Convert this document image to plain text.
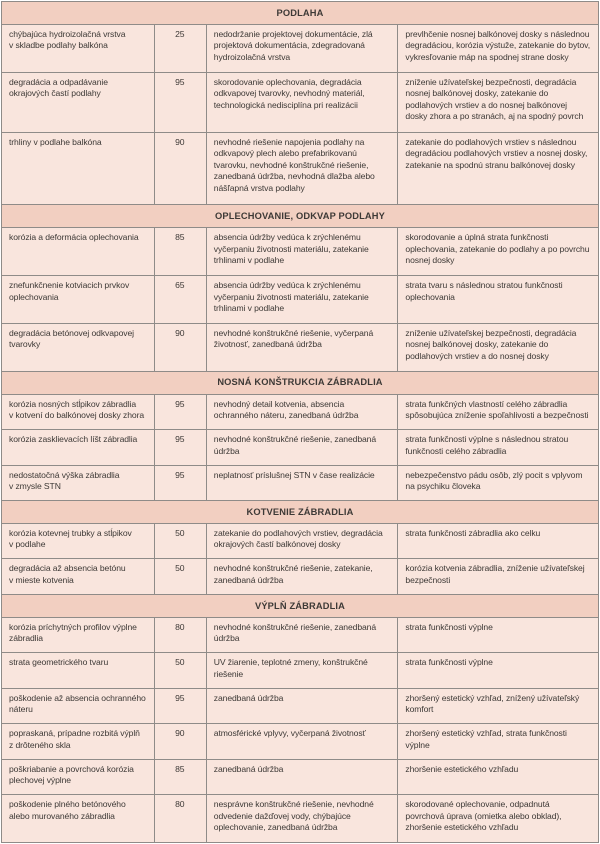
PODLAHA			
chýbajúca hydroizolačná vrstva v skladbe podlahy balkóna	25	nedodržanie projektovej dokumentácie, zlá projektová dokumentácia, zdegradovaná hydroizolačná vrstva	prevlhčenie nosnej balkónovej dosky s následnou degradáciou, korózia výstuže, zatekanie do bytov, vykresľovanie máp na spodnej strane dosky
degradácia a odpadávanie okrajových častí podlahy	95	skorodovanie oplechovania, degradácia odkvapovej tvarovky, nevhodný materiál, technologická nedisciplína pri realizácii	zníženie užívateľskej bezpečnosti, degradácia nosnej balkónovej dosky, zatekanie do podlahových vrstiev a do nosnej balkónovej dosky zhora a po stranách, aj na spodný povrch
trhliny v podlahe balkóna	90	nevhodné riešenie napojenia podlahy na odkvapový plech alebo prefabrikovanú tvarovku, nevhodné konštrukčné riešenie, zanedbaná údržba, nevhodná dlažba alebo nášľapná vrstva podlahy	zatekanie do podlahových vrstiev s následnou degradáciou podlahových vrstiev a nosnej dosky, zatekanie na spodnú stranu balkónovej dosky
OPLECHOVANIE, ODKVAP PODLAHY			
korózia a deformácia oplechovania	85	absencia údržby vedúca k zrýchlenému vyčerpaniu životnosti materiálu, zatekanie trhlinami v podlahe	skorodovanie a úplná strata funkčnosti oplechovania, zatekanie do podlahy a po povrchu nosnej dosky
znefunkčnenie kotviacich prvkov oplechovania	65	absencia údržby vedúca k zrýchlenému vyčerpaniu životnosti materiálu, zatekanie trhlinami v podlahe	strata tvaru s následnou stratou funkčnosti oplechovania
degradácia betónovej odkvapovej tvarovky	90	nevhodné konštrukčné riešenie, vyčerpaná životnosť, zanedbaná údržba	zníženie užívateľskej bezpečnosti, degradácia nosnej balkónovej dosky, zatekanie do podlahových vrstiev a do nosnej dosky
NOSNÁ KONŠTRUKCIA ZÁBRADLIA			
korózia nosných stĺpikov zábradlia v kotvení do balkónovej dosky zhora	95	nevhodný detail kotvenia, absencia ochranného náteru, zanedbaná údržba	strata funkčných vlastností celého zábradlia spôsobujúca zníženie spoľahlivosti a bezpečnosti
korózia zasklievacích líšt zábradlia	95	nevhodné konštrukčné riešenie, zanedbaná údržba	strata funkčnosti výplne s následnou stratou funkčnosti celého zábradlia
nedostatočná výška zábradlia v zmysle STN	95	neplatnosť príslušnej STN v čase realizácie	nebezpečenstvo pádu osôb, zlý pocit s vplyvom na psychiku človeka
KOTVENIE ZÁBRADLIA			
korózia kotevnej trubky a stĺpikov v podlahe	50	zatekanie do podlahových vrstiev, degradácia okrajových častí balkónovej dosky	strata funkčnosti zábradlia ako celku
degradácia až absencia betónu v mieste kotvenia	50	nevhodné konštrukčné riešenie, zatekanie, zanedbaná údržba	korózia kotvenia zábradlia, zníženie užívateľskej bezpečnosti
VÝPLŇ ZÁBRADLIA			
korózia príchytných profilov výplne zábradlia	80	nevhodné konštrukčné riešenie, zanedbaná údržba	strata funkčnosti výplne
strata geometrického tvaru	50	UV žiarenie, teplotné zmeny, konštrukčné riešenie	strata funkčnosti výplne
poškodenie až absencia ochranného náteru	95	zanedbaná údržba	zhoršený estetický vzhľad, znížený užívateľský komfort
popraskaná, prípadne rozbitá výplň z drôteného skla	90	atmosférické vplyvy, vyčerpaná životnosť	zhoršený estetický vzhľad, strata funkčnosti výplne
poškriabanie a povrchová korózia plechovej výplne	85	zanedbaná údržba	zhoršenie estetického vzhľadu
poškodenie plného betónového alebo murovaného zábradlia	80	nesprávne konštrukčné riešenie, nevhodné odvedenie dažďovej vody, chýbajúce oplechovanie, zanedbaná údržba	skorodované oplechovanie, odpadnutá povrchová úprava (omietka alebo obklad), zhoršenie estetického vzhľadu
